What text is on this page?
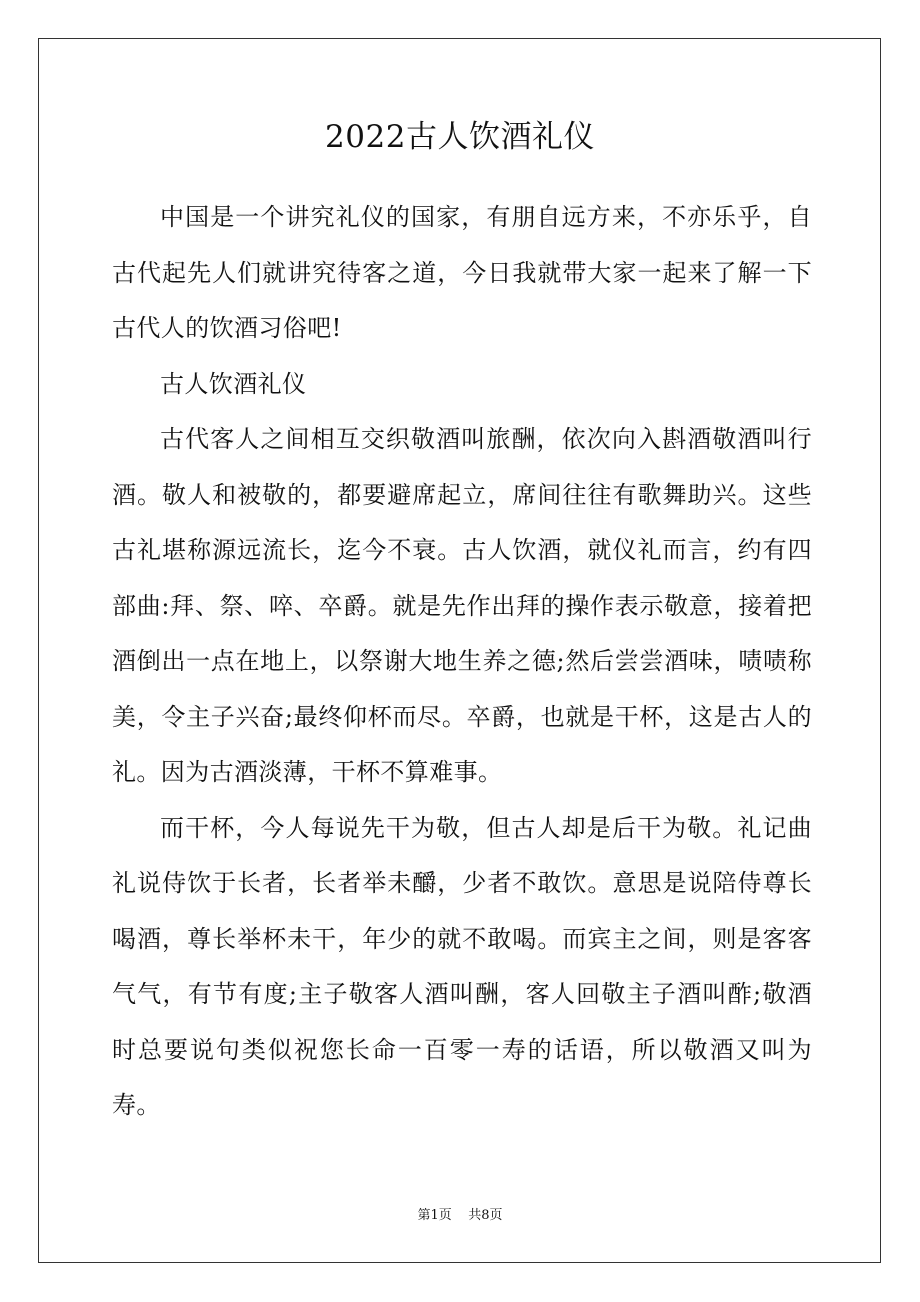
2022古人饮酒礼仪

中国是一个讲究礼仪的国家，有朋自远方来，不亦乐乎，自古代起先人们就讲究待客之道，今日我就带大家一起来了解一下古代人的饮酒习俗吧!

古人饮酒礼仪

古代客人之间相互交织敬酒叫旅酬，依次向入斟酒敬酒叫行酒。敬人和被敬的，都要避席起立，席间往往有歌舞助兴。这些古礼堪称源远流长，迄今不衰。古人饮酒，就仪礼而言，约有四部曲:拜、祭、啐、卒爵。就是先作出拜的操作表示敬意，接着把酒倒出一点在地上，以祭谢大地生养之德;然后尝尝酒味，啧啧称美，令主子兴奋;最终仰杯而尽。卒爵，也就是干杯，这是古人的礼。因为古酒淡薄，干杯不算难事。

而干杯，今人每说先干为敬，但古人却是后干为敬。礼记曲礼说侍饮于长者，长者举未釂，少者不敢饮。意思是说陪侍尊长喝酒，尊长举杯未干，年少的就不敢喝。而宾主之间，则是客客气气，有节有度;主子敬客人酒叫酬，客人回敬主子酒叫酢;敬酒时总要说句类似祝您长命一百零一寿的话语，所以敬酒又叫为寿。

第1页 共8页
